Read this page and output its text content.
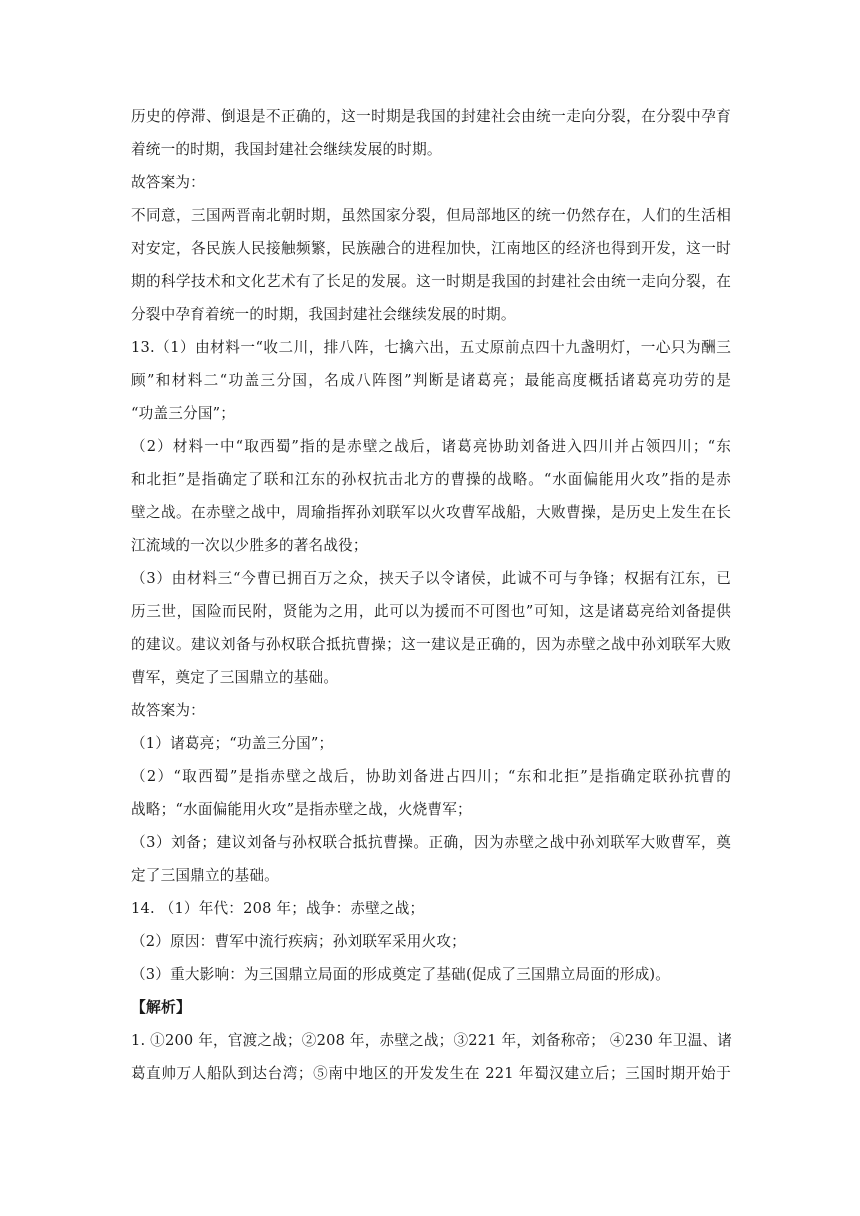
历史的停滞、倒退是不正确的，这一时期是我国的封建社会由统一走向分裂，在分裂中孕育
着统一的时期，我国封建社会继续发展的时期。
故答案为：
不同意，三国两晋南北朝时期，虽然国家分裂，但局部地区的统一仍然存在，人们的生活相
对安定，各民族人民接触频繁，民族融合的进程加快，江南地区的经济也得到开发，这一时
期的科学技术和文化艺术有了长足的发展。这一时期是我国的封建社会由统一走向分裂，在
分裂中孕育着统一的时期，我国封建社会继续发展的时期。
13.（1）由材料一“收二川，排八阵，七擒六出，五丈原前点四十九盏明灯，一心只为酬三
顾”和材料二“功盖三分国，名成八阵图”判断是诸葛亮；最能高度概括诸葛亮功劳的是
“功盖三分国”；
（2）材料一中“取西蜀”指的是赤壁之战后，诸葛亮协助刘备进入四川并占领四川；“东
和北拒”是指确定了联和江东的孙权抗击北方的曹操的战略。“水面偏能用火攻”指的是赤
壁之战。在赤壁之战中，周瑜指挥孙刘联军以火攻曹军战船，大败曹操，是历史上发生在长
江流域的一次以少胜多的著名战役；
（3）由材料三“今曹已拥百万之众，挟天子以令诸侯，此诚不可与争锋；权据有江东，已
历三世，国险而民附，贤能为之用，此可以为援而不可图也”可知，这是诸葛亮给刘备提供
的建议。建议刘备与孙权联合抵抗曹操；这一建议是正确的，因为赤壁之战中孙刘联军大败
曹军，奠定了三国鼎立的基础。
故答案为：
（1）诸葛亮；“功盖三分国”；
（2）“取西蜀”是指赤壁之战后，协助刘备进占四川；“东和北拒”是指确定联孙抗曹的
战略；“水面偏能用火攻”是指赤壁之战，火烧曹军；
（3）刘备；建议刘备与孙权联合抵抗曹操。正确，因为赤壁之战中孙刘联军大败曹军，奠
定了三国鼎立的基础。
14. （1）年代：208 年；战争：赤壁之战；
（2）原因：曹军中流行疾病；孙刘联军采用火攻；
（3）重大影响：为三国鼎立局面的形成奠定了基础(促成了三国鼎立局面的形成)。
【解析】
1. ①200 年，官渡之战；②208 年，赤壁之战；③221 年，刘备称帝； ④230 年卫温、诸
葛直帅万人船队到达台湾；⑤南中地区的开发发生在 221 年蜀汉建立后；三国时期开始于
